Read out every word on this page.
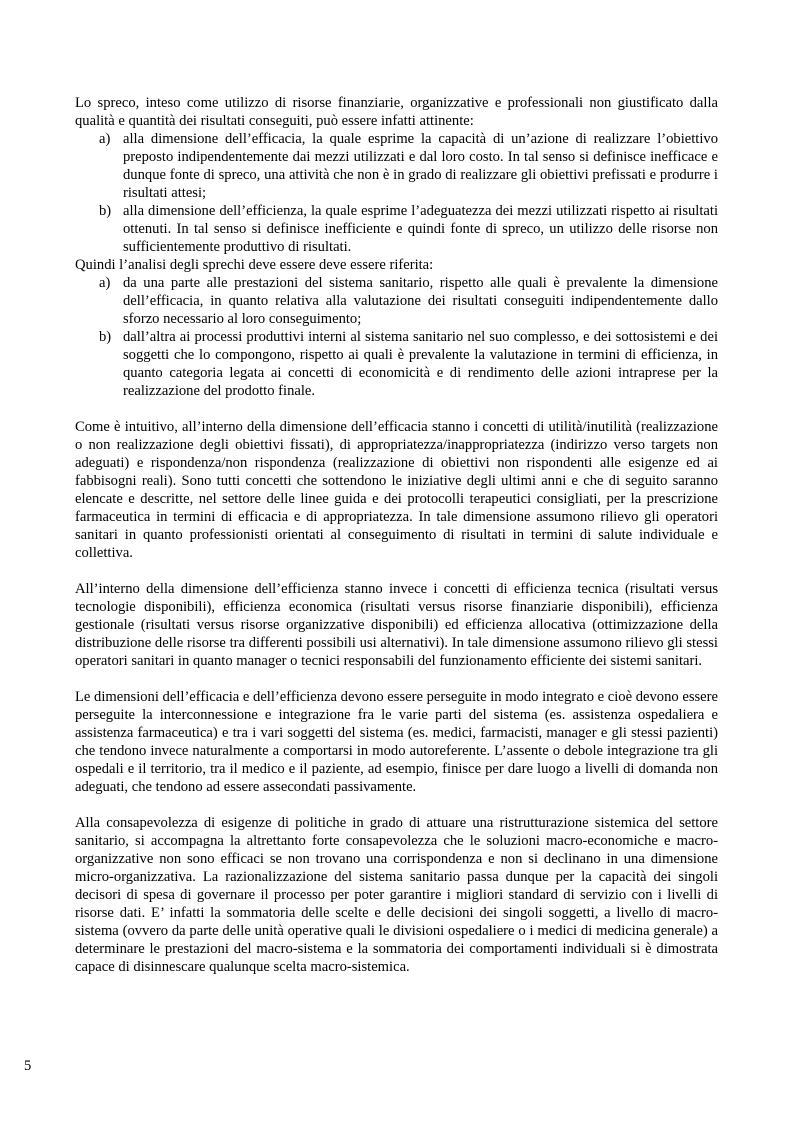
Lo spreco, inteso come utilizzo di risorse finanziarie, organizzative e professionali non giustificato dalla qualità e quantità dei risultati conseguiti, può essere infatti attinente:

a) alla dimensione dell’efficacia, la quale esprime la capacità di un’azione di realizzare l’obiettivo preposto indipendentemente dai mezzi utilizzati e dal loro costo. In tal senso si definisce inefficace e dunque fonte di spreco, una attività che non è in grado di realizzare gli obiettivi prefissati e produrre i risultati attesi;
b) alla dimensione dell’efficienza, la quale esprime l’adeguatezza dei mezzi utilizzati rispetto ai risultati ottenuti. In tal senso si definisce inefficiente e quindi fonte di spreco, un utilizzo delle risorse non sufficientemente produttivo di risultati.

Quindi l’analisi degli sprechi deve essere deve essere riferita:

a) da una parte alle prestazioni del sistema sanitario, rispetto alle quali è prevalente la dimensione dell’efficacia, in quanto relativa alla valutazione dei risultati conseguiti indipendentemente dallo sforzo necessario al loro conseguimento;
b) dall’altra ai processi produttivi interni al sistema sanitario nel suo complesso, e dei sottosistemi e dei soggetti che lo compongono, rispetto ai quali è prevalente la valutazione in termini di efficienza, in quanto categoria legata ai concetti di economicità e di rendimento delle azioni intraprese per la realizzazione del prodotto finale.

Come è intuitivo, all’interno della dimensione dell’efficacia stanno i concetti di utilità/inutilità (realizzazione o non realizzazione degli obiettivi fissati), di appropriatezza/inappropriatezza (indirizzo verso targets non adeguati) e rispondenza/non rispondenza (realizzazione di obiettivi non rispondenti alle esigenze ed ai fabbisogni reali). Sono tutti concetti che sottendono le iniziative degli ultimi anni e che di seguito saranno elencate e descritte, nel settore delle linee guida e dei protocolli terapeutici consigliati, per la prescrizione farmaceutica in termini di efficacia e di appropriatezza. In tale dimensione assumono rilievo gli operatori sanitari in quanto professionisti orientati al conseguimento di risultati in termini di salute individuale e collettiva.

All’interno della dimensione dell’efficienza stanno invece i concetti di efficienza tecnica (risultati versus tecnologie disponibili), efficienza economica (risultati versus risorse finanziarie disponibili), efficienza gestionale (risultati versus risorse organizzative disponibili) ed efficienza allocativa (ottimizzazione della distribuzione delle risorse tra differenti possibili usi alternativi). In tale dimensione assumono rilievo gli stessi operatori sanitari in quanto manager o tecnici responsabili del funzionamento efficiente dei sistemi sanitari.

Le dimensioni dell’efficacia e dell’efficienza devono essere perseguite in modo integrato e cioè devono essere perseguite la interconnessione e integrazione fra le varie parti del sistema (es. assistenza ospedaliera e assistenza farmaceutica) e tra i vari soggetti del sistema (es. medici, farmacisti, manager e gli stessi pazienti) che tendono invece naturalmente a comportarsi in modo autoreferente. L’assente o debole integrazione tra gli ospedali e il territorio, tra il medico e il paziente, ad esempio, finisce per dare luogo a livelli di domanda non adeguati, che tendono ad essere assecondati passivamente.

Alla consapevolezza di esigenze di politiche in grado di attuare una ristrutturazione sistemica del settore sanitario, si accompagna la altrettanto forte consapevolezza che le soluzioni macro-economiche e macro-organizzative non sono efficaci se non trovano una corrispondenza e non si declinano in una dimensione micro-organizzativa. La razionalizzazione del sistema sanitario passa dunque per la capacità dei singoli decisori di spesa di governare il processo per poter garantire i migliori standard di servizio con i livelli di risorse dati. E’ infatti la sommatoria delle scelte e delle decisioni dei singoli soggetti, a livello di macro-sistema (ovvero da parte delle unità operative quali le divisioni ospedaliere o i medici di medicina generale) a determinare le prestazioni del macro-sistema e la sommatoria dei comportamenti individuali si è dimostrata capace di disinnescare qualunque scelta macro-sistemica.

5
